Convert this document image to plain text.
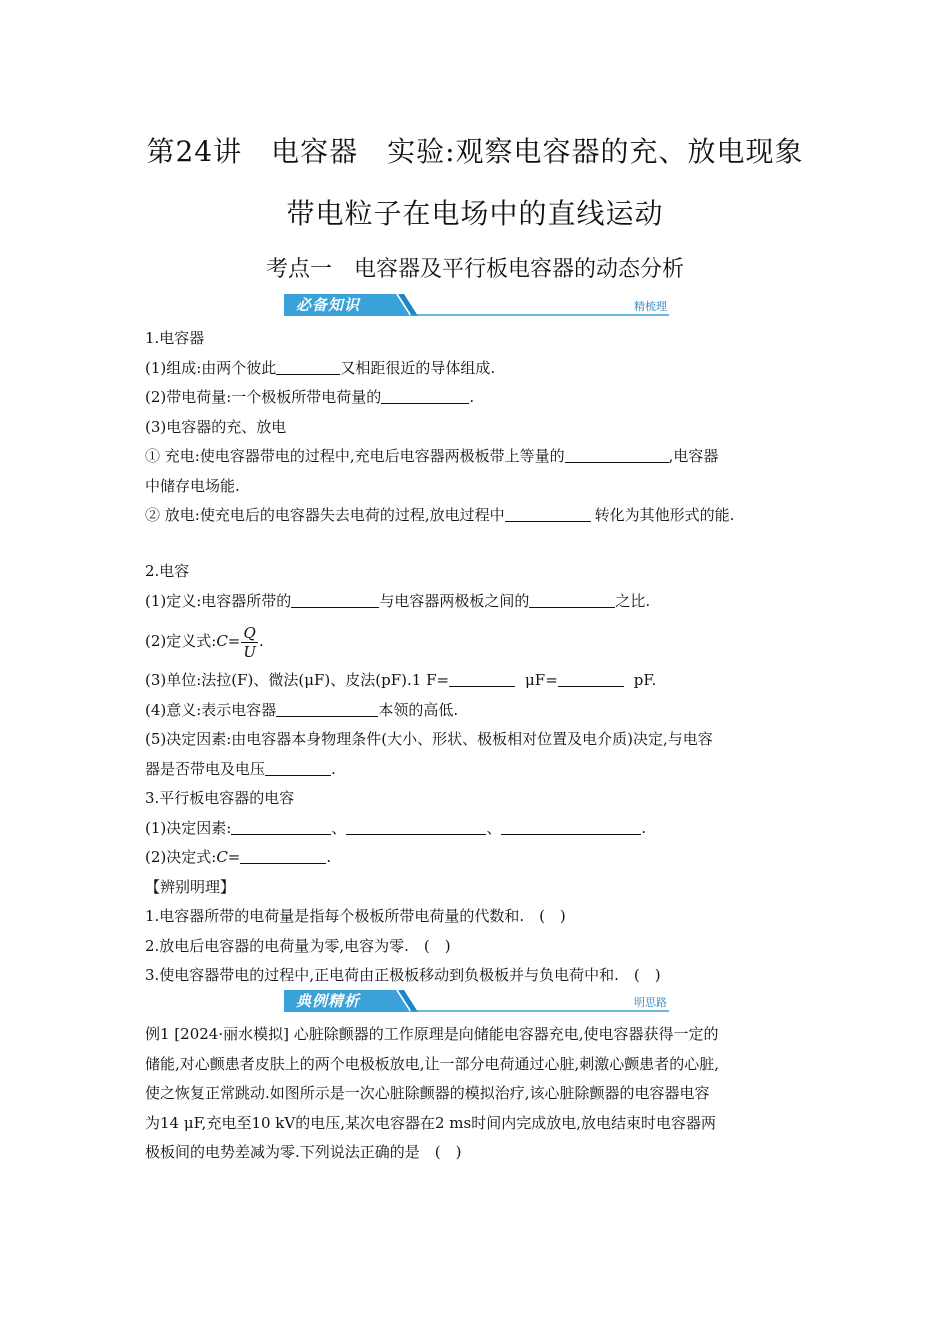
第24讲　电容器　实验:观察电容器的充、放电现象
带电粒子在电场中的直线运动
考点一　电容器及平行板电容器的动态分析
必备知识	精梳理
1.电容器
(1)组成:由两个彼此	又相距很近的导体组成.
(2)带电荷量:一个极板所带电荷量的	.
(3)电容器的充、放电
① 充电:使电容器带电的过程中,充电后电容器两极板带上等量的	,电容器
中储存电场能.
② 放电:使充电后的电容器失去电荷的过程,放电过程中	转化为其他形式的能.
2.电容
(1)定义:电容器所带的	与电容器两极板之间的	之比.
(2)定义式:C= $\frac{Q}{U}$ .
(3)单位:法拉(F)、微法(μF)、皮法(pF).1 F=	μF=	pF.
(4)意义:表示电容器	本领的高低.
(5)决定因素:由电容器本身物理条件(大小、形状、极板相对位置及电介质)决定,与电容
器是否带电及电压	.
3.平行板电容器的电容
(1)决定因素:	、	、	.
(2)决定式:C=	.
【辨别明理】
1.电容器所带的电荷量是指每个极板所带电荷量的代数和.　(　)
2.放电后电容器的电荷量为零,电容为零.　(　)
3.使电容器带电的过程中,正电荷由正极板移动到负极板并与负电荷中和.　(　)
典例精析	明思路
例1 [2024·丽水模拟] 心脏除颤器的工作原理是向储能电容器充电,使电容器获得一定的
储能,对心颤患者皮肤上的两个电极板放电,让一部分电荷通过心脏,刺激心颤患者的心脏,
使之恢复正常跳动.如图所示是一次心脏除颤器的模拟治疗,该心脏除颤器的电容器电容
为14 μF,充电至10 kV的电压,某次电容器在2 ms时间内完成放电,放电结束时电容器两
极板间的电势差减为零.下列说法正确的是　(　)
